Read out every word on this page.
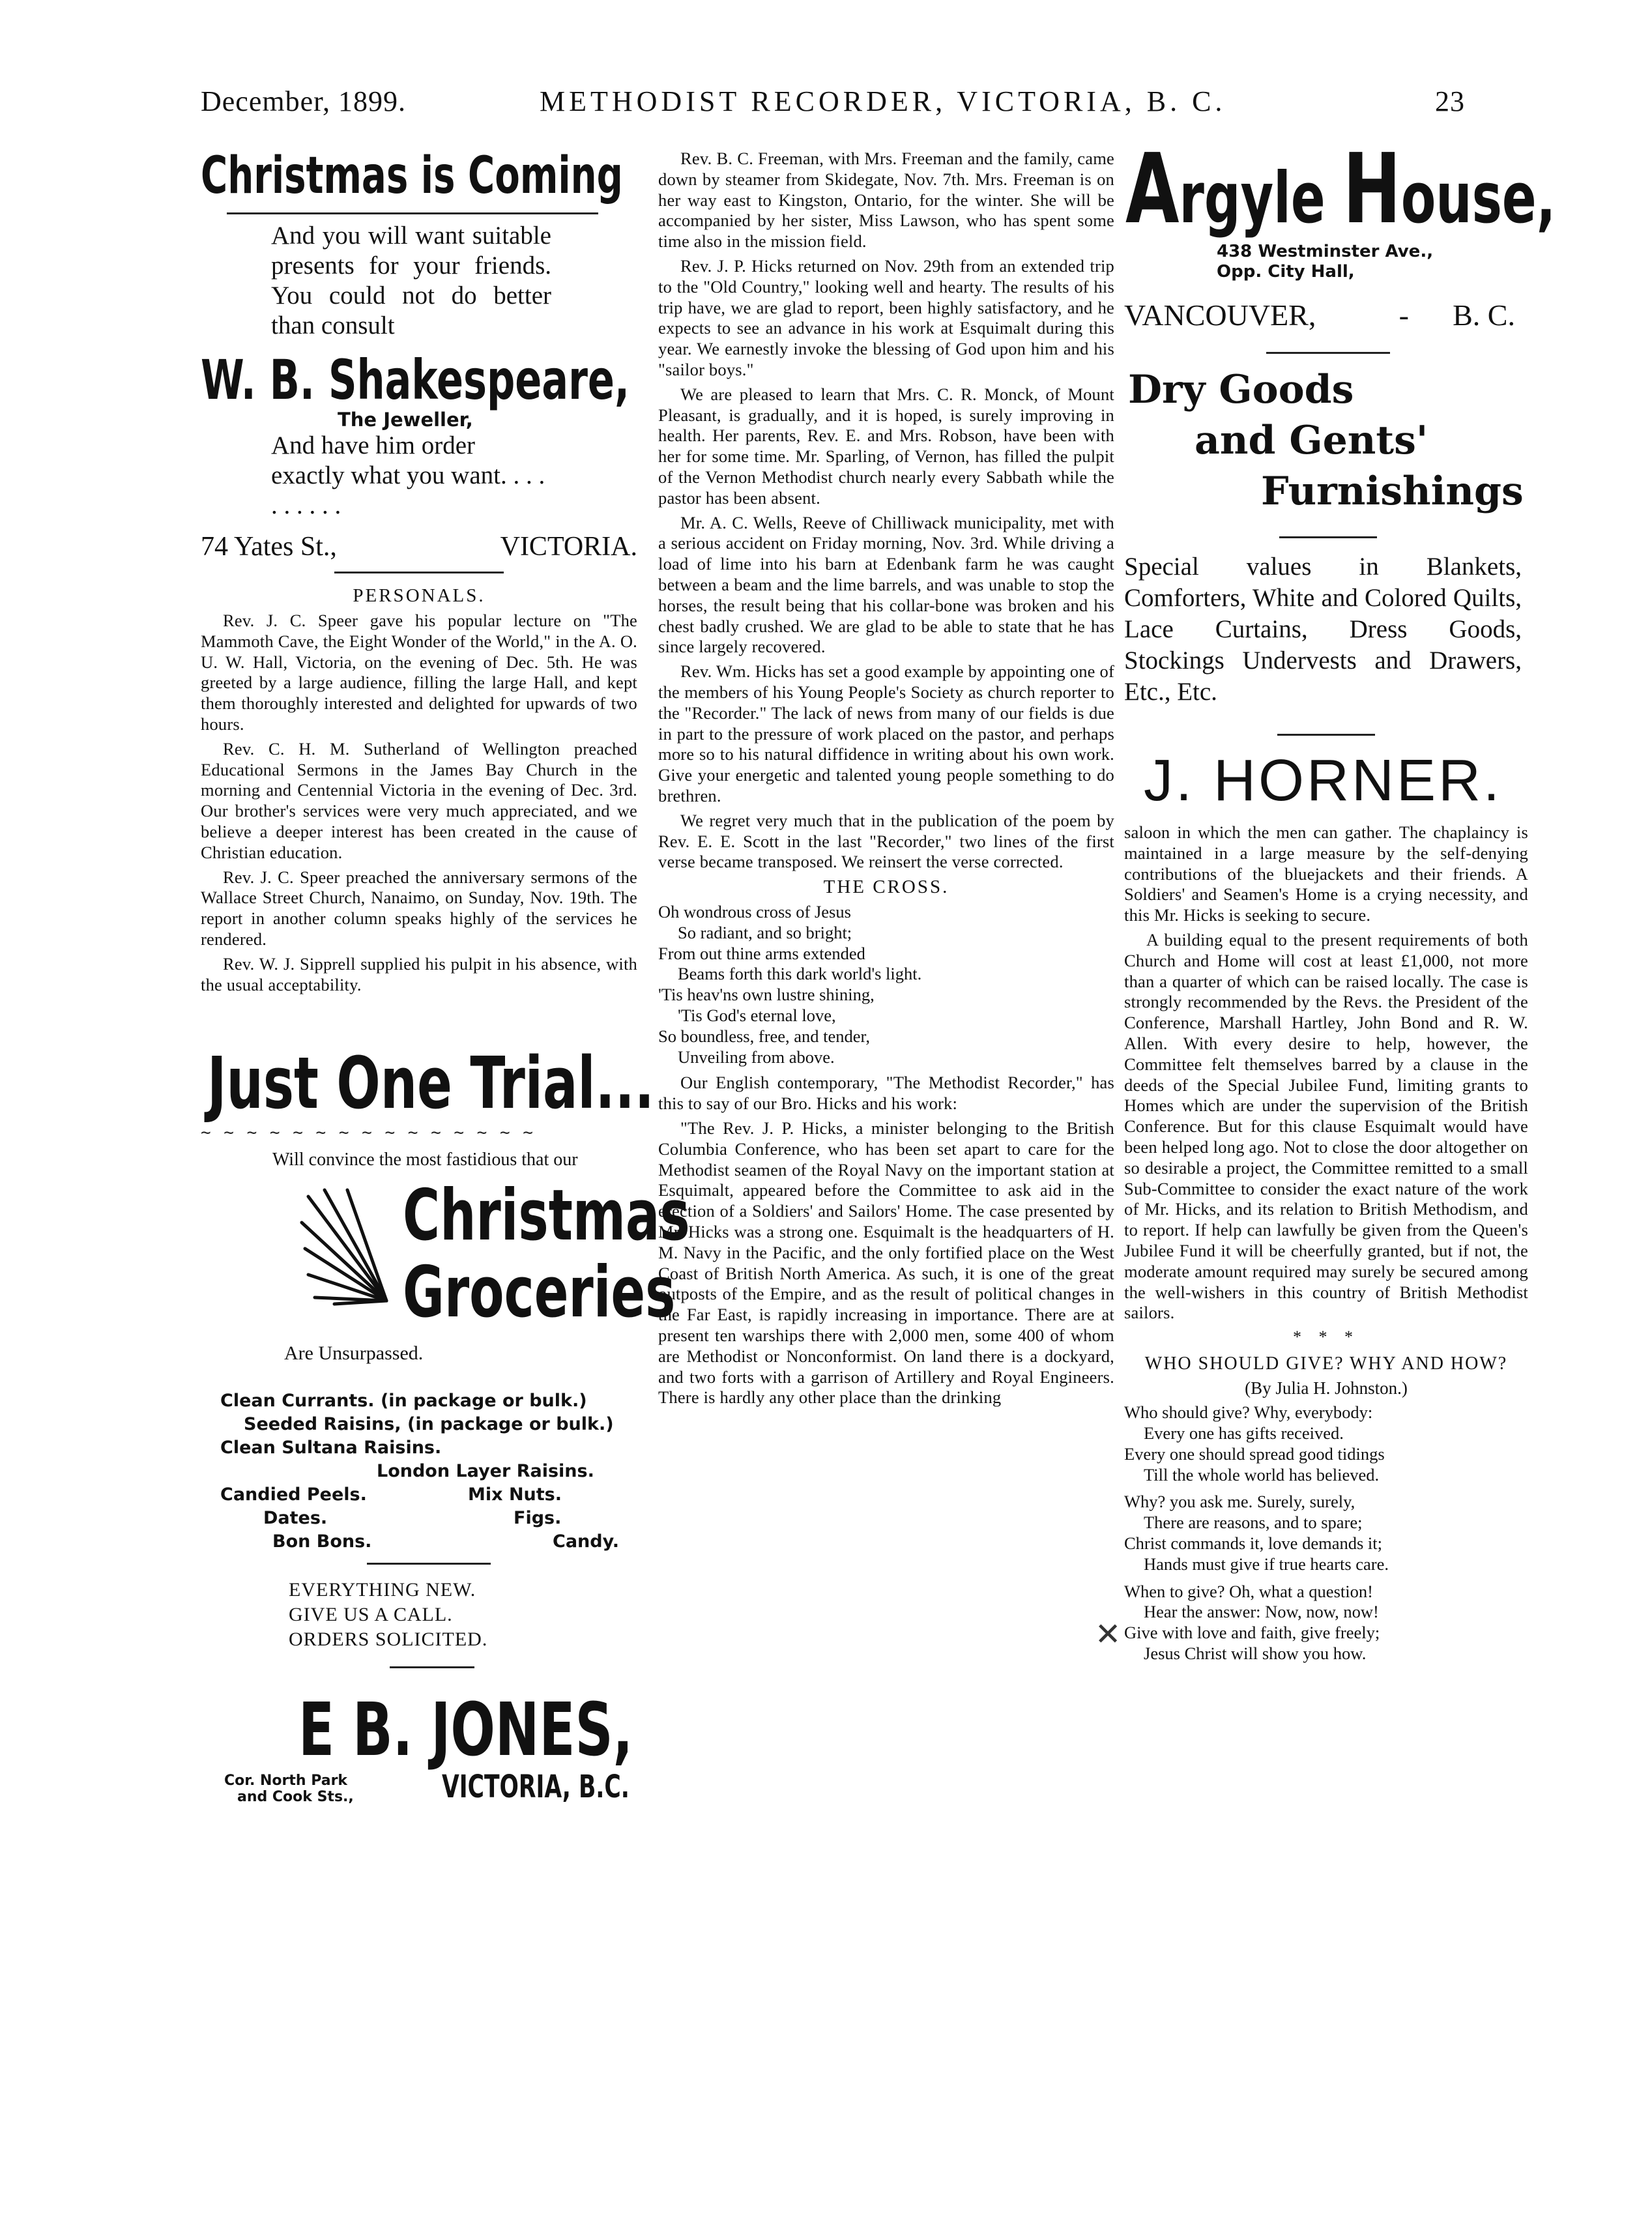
December, 1899.	METHODIST RECORDER, VICTORIA, B. C.	23
Christmas is Coming
And you will want suitable presents for your friends. You could not do better than consult
W. B. Shakespeare,
The Jeweller,
And have him order exactly what you want. . . . . . . . . .
74 Yates St.,	VICTORIA.
PERSONALS.

Rev. J. C. Speer gave his popular lecture on "The Mammoth Cave, the Eight Wonder of the World," in the A. O. U. W. Hall, Victoria, on the evening of Dec. 5th. He was greeted by a large audience, filling the large Hall, and kept them thoroughly interested and delighted for upwards of two hours.

Rev. C. H. M. Sutherland of Wellington preached Educational Sermons in the James Bay Church in the morning and Centennial Victoria in the evening of Dec. 3rd. Our brother's services were very much appreciated, and we believe a deeper interest has been created in the cause of Christian education.

Rev. J. C. Speer preached the anniversary sermons of the Wallace Street Church, Nanaimo, on Sunday, Nov. 19th. The report in another column speaks highly of the services he rendered.

Rev. W. J. Sipprell supplied his pulpit in his absence, with the usual acceptability.

Just One Trial...
~ ~ ~ ~ ~ ~ ~ ~ ~ ~ ~ ~ ~ ~ ~
Will convince the most fastidious that our
Christmas
Groceries
Are Unsurpassed.
Clean Currants. (in package or bulk.)
Seeded Raisins, (in package or bulk.)
Clean Sultana Raisins.
London Layer Raisins.
Candied Peels.	Mix Nuts.
Dates.	Figs.
Bon Bons.	Candy.
EVERYTHING NEW.
GIVE US A CALL.
ORDERS SOLICITED.
E B. JONES,
Cor. North Park
and Cook Sts.,	VICTORIA, B.C.

Rev. B. C. Freeman, with Mrs. Freeman and the family, came down by steamer from Skidegate, Nov. 7th. Mrs. Freeman is on her way east to Kingston, Ontario, for the winter. She will be accompanied by her sister, Miss Lawson, who has spent some time also in the mission field.

Rev. J. P. Hicks returned on Nov. 29th from an extended trip to the "Old Country," looking well and hearty. The results of his trip have, we are glad to report, been highly satisfactory, and he expects to see an advance in his work at Esquimalt during this year. We earnestly invoke the blessing of God upon him and his "sailor boys."

We are pleased to learn that Mrs. C. R. Monck, of Mount Pleasant, is gradually, and it is hoped, is surely improving in health. Her parents, Rev. E. and Mrs. Robson, have been with her for some time. Mr. Sparling, of Vernon, has filled the pulpit of the Vernon Methodist church nearly every Sabbath while the pastor has been absent.

Mr. A. C. Wells, Reeve of Chilliwack municipality, met with a serious accident on Friday morning, Nov. 3rd. While driving a load of lime into his barn at Edenbank farm he was caught between a beam and the lime barrels, and was unable to stop the horses, the result being that his collar-bone was broken and his chest badly crushed. We are glad to be able to state that he has since largely recovered.

Rev. Wm. Hicks has set a good example by appointing one of the members of his Young People's Society as church reporter to the "Recorder." The lack of news from many of our fields is due in part to the pressure of work placed on the pastor, and perhaps more so to his natural diffidence in writing about his own work. Give your energetic and talented young people something to do brethren.

We regret very much that in the publication of the poem by Rev. E. E. Scott in the last "Recorder," two lines of the first verse became transposed. We reinsert the verse corrected.

THE CROSS.

Oh wondrous cross of Jesus

So radiant, and so bright;

From out thine arms extended

Beams forth this dark world's light.

'Tis heav'ns own lustre shining,

'Tis God's eternal love,

So boundless, free, and tender,

Unveiling from above.

Our English contemporary, "The Methodist Recorder," has this to say of our Bro. Hicks and his work:

"The Rev. J. P. Hicks, a minister belonging to the British Columbia Conference, who has been set apart to care for the Methodist seamen of the Royal Navy on the important station at Esquimalt, appeared before the Committee to ask aid in the erection of a Soldiers' and Sailors' Home. The case presented by Mr. Hicks was a strong one. Esquimalt is the headquarters of H. M. Navy in the Pacific, and the only fortified place on the West Coast of British North America. As such, it is one of the great outposts of the Empire, and as the result of political changes in the Far East, is rapidly increasing in importance. There are at present ten warships there with 2,000 men, some 400 of whom are Methodist or Nonconformist. On land there is a dockyard, and two forts with a garrison of Artillery and Royal Engineers. There is hardly any other place than the drinking

Argyle House,
438 Westminster Ave.,
Opp. City Hall,
VANCOUVER,	- B. C.
Dry Goods
and Gents'
Furnishings
Special values in Blankets, Comforters, White and Colored Quilts, Lace Curtains, Dress Goods, Stockings Undervests and Drawers, Etc., Etc.
J. HORNER.

saloon in which the men can gather. The chaplaincy is maintained in a large measure by the self-denying contributions of the bluejackets and their friends. A Soldiers' and Seamen's Home is a crying necessity, and this Mr. Hicks is seeking to secure.

A building equal to the present requirements of both Church and Home will cost at least £1,000, not more than a quarter of which can be raised locally. The case is strongly recommended by the Revs. the President of the Conference, Marshall Hartley, John Bond and R. W. Allen. With every desire to help, however, the Committee felt themselves barred by a clause in the deeds of the Special Jubilee Fund, limiting grants to Homes which are under the supervision of the British Conference. But for this clause Esquimalt would have been helped long ago. Not to close the door altogether on so desirable a project, the Committee remitted to a small Sub-Committee to consider the exact nature of the work of Mr. Hicks, and its relation to British Methodism, and to report. If help can lawfully be given from the Queen's Jubilee Fund it will be cheerfully granted, but if not, the moderate amount required may surely be secured among the well-wishers in this country of British Methodist sailors.

* * *

WHO SHOULD GIVE? WHY AND HOW?
(By Julia H. Johnston.)

Who should give? Why, everybody:

Every one has gifts received.

Every one should spread good tidings

Till the whole world has believed.

Why? you ask me. Surely, surely,

There are reasons, and to spare;

Christ commands it, love demands it;

Hands must give if true hearts care.

When to give? Oh, what a question!

Hear the answer: Now, now, now!

Give with love and faith, give freely;

Jesus Christ will show you how.

✕
